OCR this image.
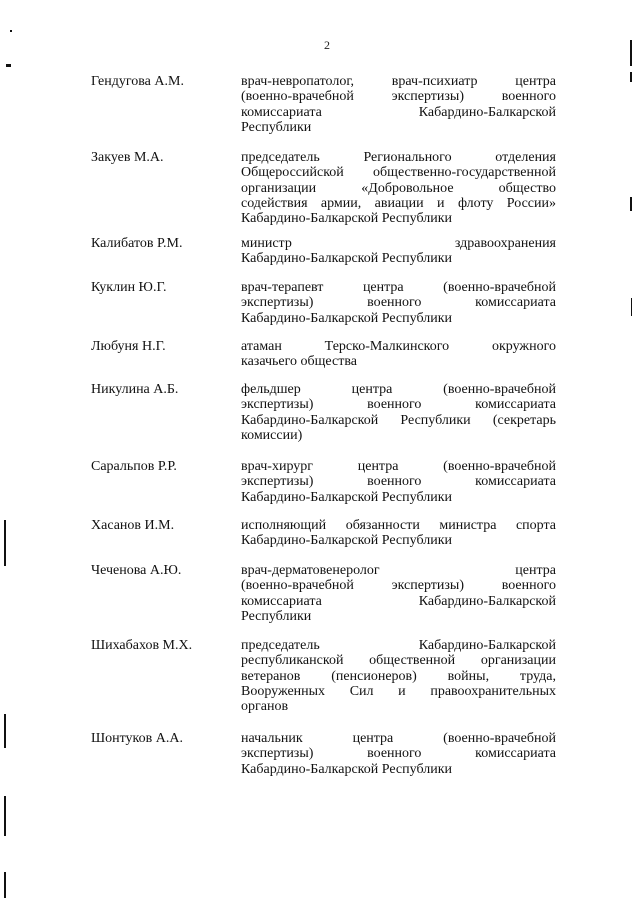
2
Гендугова А.М.	врач-невропатолог, врач-психиатр центра
(военно-врачебной экспертизы) военного
комиссариата Кабардино-Балкарской
Республики
Закуев М.А.	председатель Регионального отделения
Общероссийской общественно-государственной
организации «Добровольное общество
содействия армии, авиации и флоту России»
Кабардино-Балкарской Республики
Калибатов Р.М.	министр здравоохранения
Кабардино-Балкарской Республики
Куклин Ю.Г.	врач-терапевт центра (военно-врачебной
экспертизы) военного комиссариата
Кабардино-Балкарской Республики
Любуня Н.Г.	атаман Терско-Малкинского окружного
казачьего общества
Никулина А.Б.	фельдшер центра (военно-врачебной
экспертизы) военного комиссариата
Кабардино-Балкарской Республики (секретарь
комиссии)
Саральпов Р.Р.	врач-хирург центра (военно-врачебной
экспертизы) военного комиссариата
Кабардино-Балкарской Республики
Хасанов И.М.	исполняющий обязанности министра спорта
Кабардино-Балкарской Республики
Чеченова А.Ю.	врач-дерматовенеролог центра
(военно-врачебной экспертизы) военного
комиссариата Кабардино-Балкарской
Республики
Шихабахов М.Х.	председатель Кабардино-Балкарской
республиканской общественной организации
ветеранов (пенсионеров) войны, труда,
Вооруженных Сил и правоохранительных
органов
Шонтуков А.А.	начальник центра (военно-врачебной
экспертизы) военного комиссариата
Кабардино-Балкарской Республики
